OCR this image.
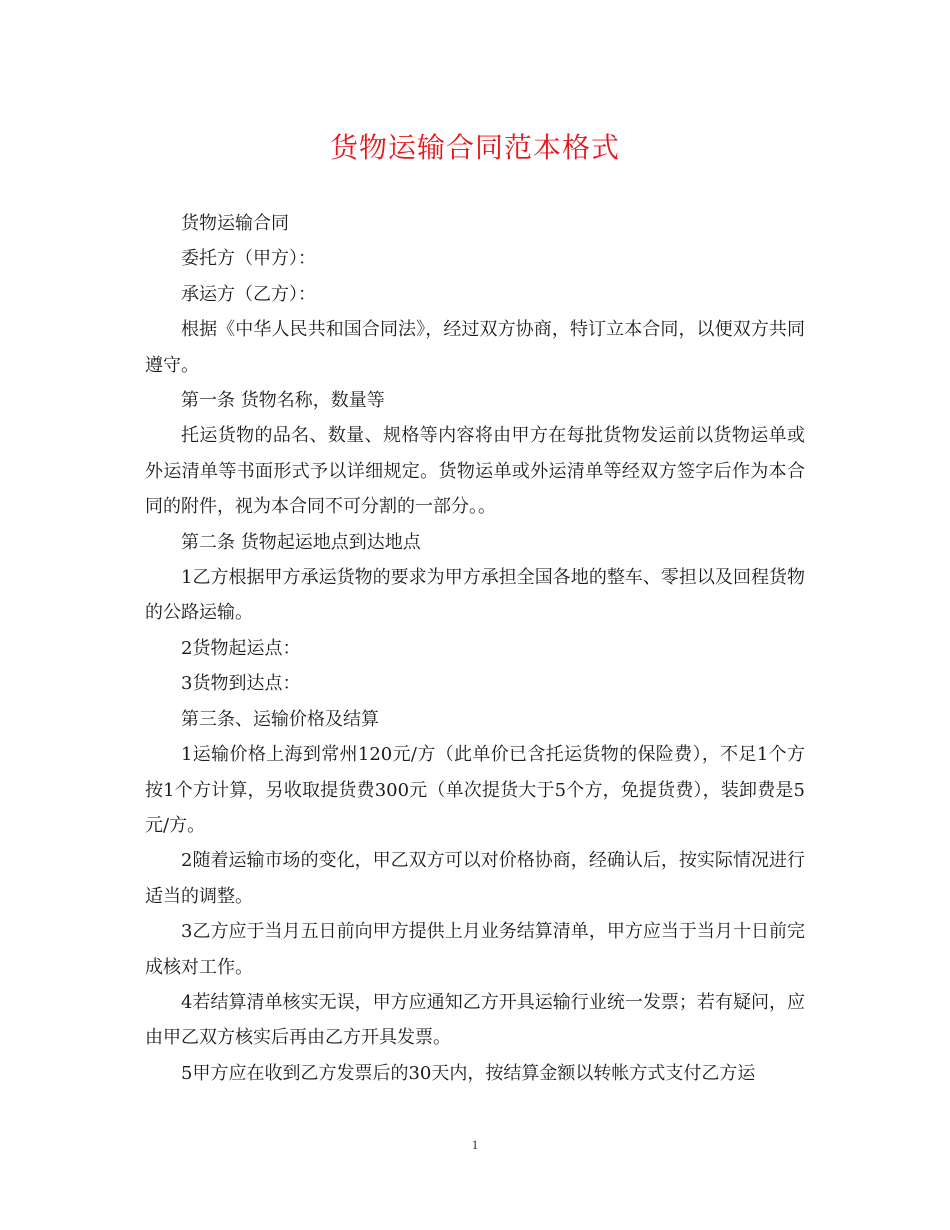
货物运输合同范本格式

货物运输合同

委托方（甲方）：

承运方（乙方）：

根据《中华人民共和国合同法》，经过双方协商，特订立本合同，以便双方共同遵守。

第一条 货物名称，数量等

托运货物的品名、数量、规格等内容将由甲方在每批货物发运前以货物运单或外运清单等书面形式予以详细规定。货物运单或外运清单等经双方签字后作为本合同的附件，视为本合同不可分割的一部分。。

第二条 货物起运地点到达地点

1乙方根据甲方承运货物的要求为甲方承担全国各地的整车、零担以及回程货物的公路运输。

2货物起运点：

3货物到达点：

第三条、运输价格及结算

1运输价格上海到常州120元/方（此单价已含托运货物的保险费），不足1个方按1个方计算，另收取提货费300元（单次提货大于5个方，免提货费），装卸费是5元/方。

2随着运输市场的变化，甲乙双方可以对价格协商，经确认后，按实际情况进行适当的调整。

3乙方应于当月五日前向甲方提供上月业务结算清单，甲方应当于当月十日前完成核对工作。

4若结算清单核实无误，甲方应通知乙方开具运输行业统一发票；若有疑问，应由甲乙双方核实后再由乙方开具发票。

5甲方应在收到乙方发票后的30天内，按结算金额以转帐方式支付乙方运

1
